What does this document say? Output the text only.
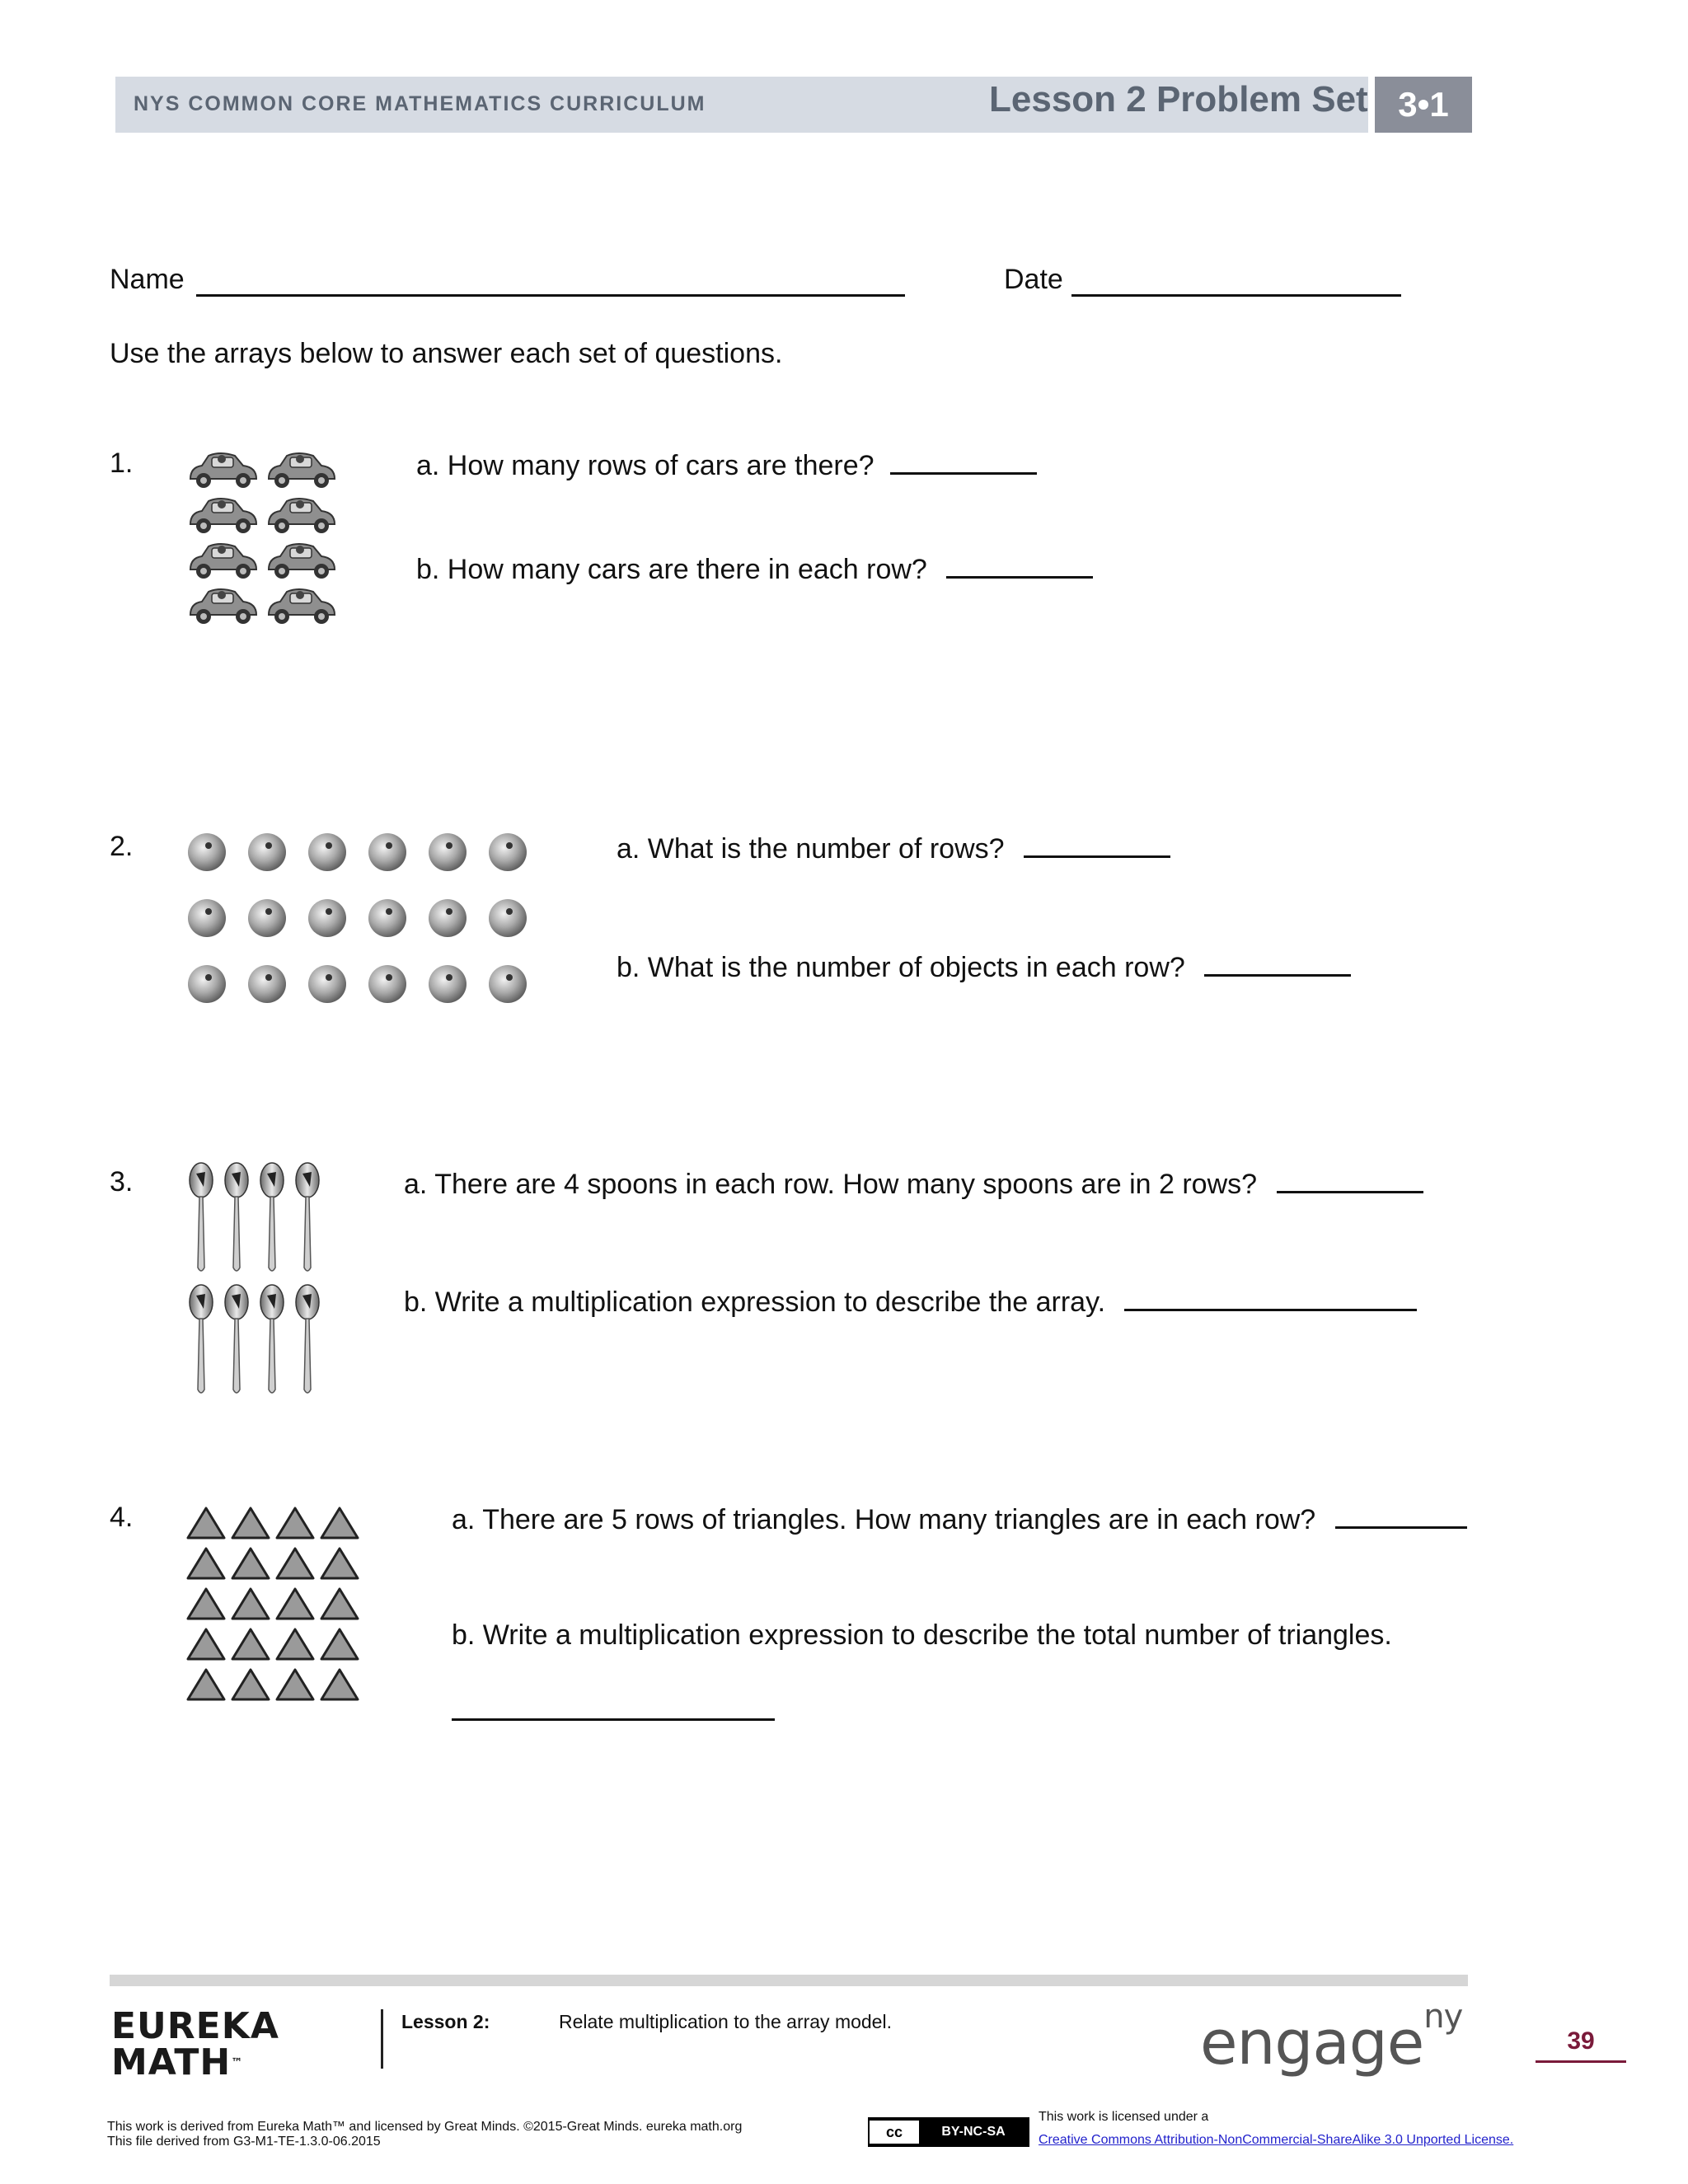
NYS COMMON CORE MATHEMATICS CURRICULUM	Lesson 2 Problem Set 3•1
Name	Date
Use the arrays below to answer each set of questions.
1.	a. How many rows of cars are there?
b. How many cars are there in each row?
2.	a. What is the number of rows?
b. What is the number of objects in each row?
3.	a. There are 4 spoons in each row. How many spoons are in 2 rows?
b. Write a multiplication expression to describe the array.
4.	a. There are 5 rows of triangles. How many triangles are in each row?
b. Write a multiplication expression to describe the total number of triangles.
EUREKA
MATH™
Lesson 2:	Relate multiplication to the array model.	engage$^{ny}$
39
This work is derived from Eureka Math™ and licensed by Great Minds. ©2015-Great Minds. eureka math.org
This file derived from G3-M1-TE-1.3.0-06.2015
cc	BY-NC-SA
This work is licensed under a
Creative Commons Attribution-NonCommercial-ShareAlike 3.0 Unported License.
